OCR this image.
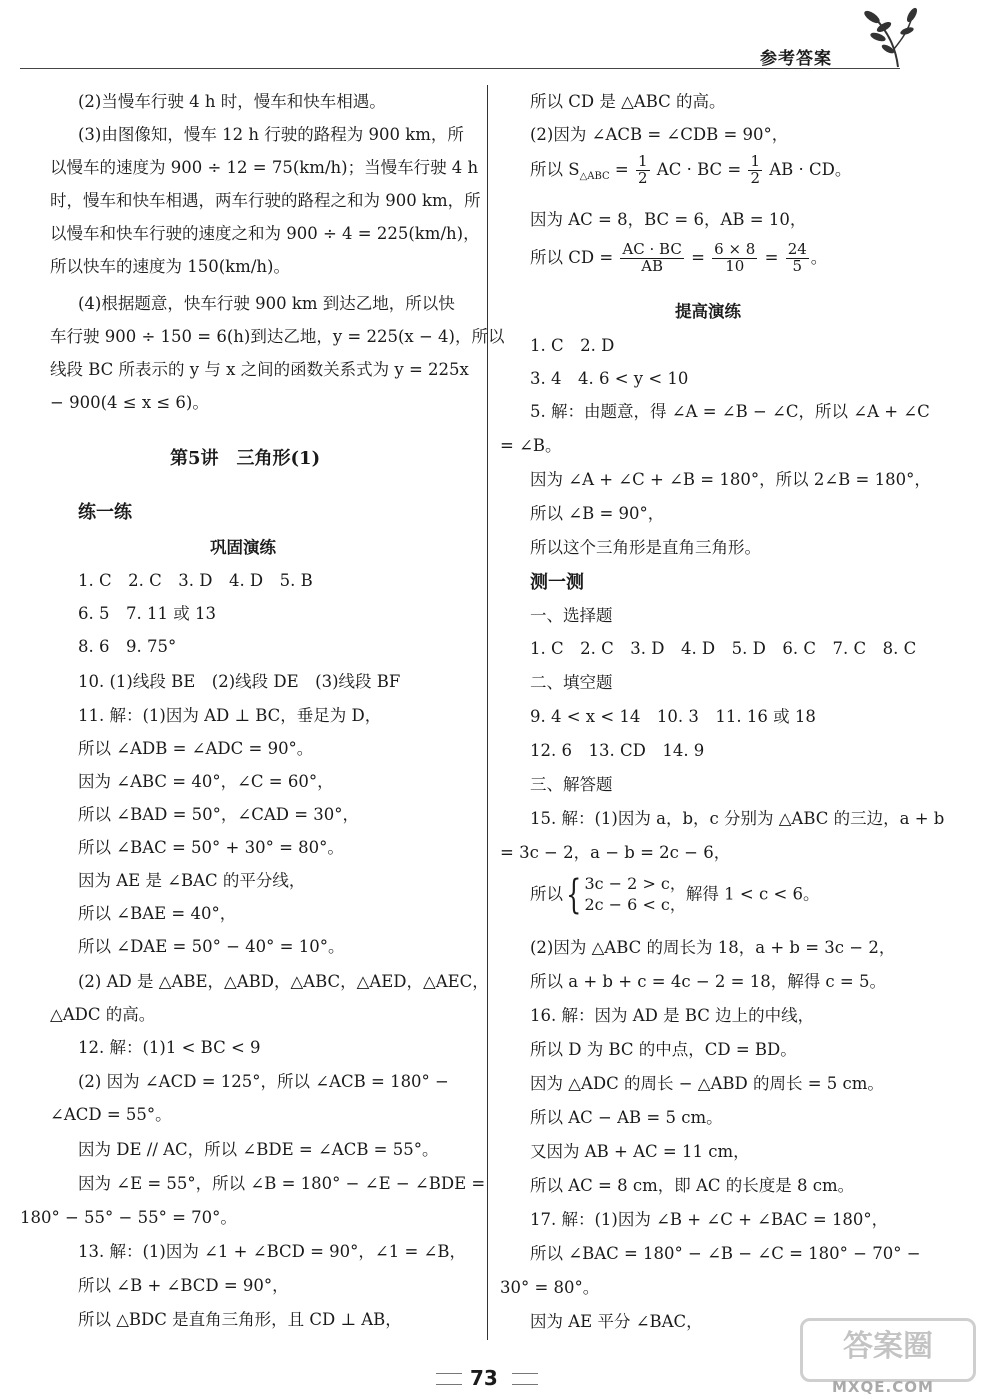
参考答案
(2)当慢车行驶 4 h 时，慢车和快车相遇。
(3)由图像知，慢车 12 h 行驶的路程为 900 km，所
以慢车的速度为 900 ÷ 12 = 75(km/h)；当慢车行驶 4 h
时，慢车和快车相遇，两车行驶的路程之和为 900 km，所
以慢车和快车行驶的速度之和为 900 ÷ 4 = 225(km/h)，
所以快车的速度为 150(km/h)。
(4)根据题意，快车行驶 900 km 到达乙地，所以快
车行驶 900 ÷ 150 = 6(h)到达乙地，y = 225(x − 4)，所以
线段 BC 所表示的 y 与 x 之间的函数关系式为 y = 225x
− 900(4 ≤ x ≤ 6)。
第5讲　三角形(1)
练一练
巩固演练
1. C　2. C　3. D　4. D　5. B
6. 5　7. 11 或 13
8. 6　9. 75°
10. (1)线段 BE　(2)线段 DE　(3)线段 BF
11. 解：(1)因为 AD ⊥ BC，垂足为 D，
所以 ∠ADB = ∠ADC = 90°。
因为 ∠ABC = 40°，∠C = 60°，
所以 ∠BAD = 50°，∠CAD = 30°，
所以 ∠BAC = 50° + 30° = 80°。
因为 AE 是 ∠BAC 的平分线，
所以 ∠BAE = 40°，
所以 ∠DAE = 50° − 40° = 10°。
(2) AD 是 △ABE，△ABD，△ABC，△AED，△AEC，
△ADC 的高。
12. 解：(1)1 < BC < 9
(2) 因为 ∠ACD = 125°，所以 ∠ACB = 180° −
∠ACD = 55°。
因为 DE // AC，所以 ∠BDE = ∠ACB = 55°。
因为 ∠E = 55°，所以 ∠B = 180° − ∠E − ∠BDE =
180° − 55° − 55° = 70°。
13. 解：(1)因为 ∠1 + ∠BCD = 90°，∠1 = ∠B，
所以 ∠B + ∠BCD = 90°，
所以 △BDC 是直角三角形，且 CD ⊥ AB，
所以 CD 是 △ABC 的高。
(2)因为 ∠ACB = ∠CDB = 90°，
所以 $S_{\triangle ABC} = \frac{1}{2}$ AC · BC = $\frac{1}{2}$ AB · CD。
因为 AC = 8，BC = 6，AB = 10，
所以 CD = $\frac{AC \cdot BC}{AB} = \frac{6 \times 8}{10} = \frac{24}{5}$ 。
提高演练
1. C　2. D
3. 4　4. 6 < y < 10
5. 解：由题意，得 ∠A = ∠B − ∠C，所以 ∠A + ∠C
= ∠B。
因为 ∠A + ∠C + ∠B = 180°，所以 2∠B = 180°，
所以 ∠B = 90°，
所以这个三角形是直角三角形。
测一测
一、选择题
1. C　2. C　3. D　4. D　5. D　6. C　7. C　8. C
二、填空题
9. 4 < x < 14　10. 3　11. 16 或 18
12. 6　13. CD　14. 9
三、解答题
15. 解：(1)因为 a，b，c 分别为 △ABC 的三边，a + b
= 3c − 2，a − b = 2c − 6，
所以{ 3c − 2 > c，
2c − 6 < c，
解得 1 < c < 6。
(2)因为 △ABC 的周长为 18，a + b = 3c − 2，
所以 a + b + c = 4c − 2 = 18，解得 c = 5。
16. 解：因为 AD 是 BC 边上的中线，
所以 D 为 BC 的中点，CD = BD。
因为 △ADC 的周长 − △ABD 的周长 = 5 cm。
所以 AC − AB = 5 cm。
又因为 AB + AC = 11 cm，
所以 AC = 8 cm，即 AC 的长度是 8 cm。
17. 解：(1)因为 ∠B + ∠C + ∠BAC = 180°，
所以 ∠BAC = 180° − ∠B − ∠C = 180° − 70° −
30° = 80°。
因为 AE 平分 ∠BAC，
73
答案圈
MXQE.COM
